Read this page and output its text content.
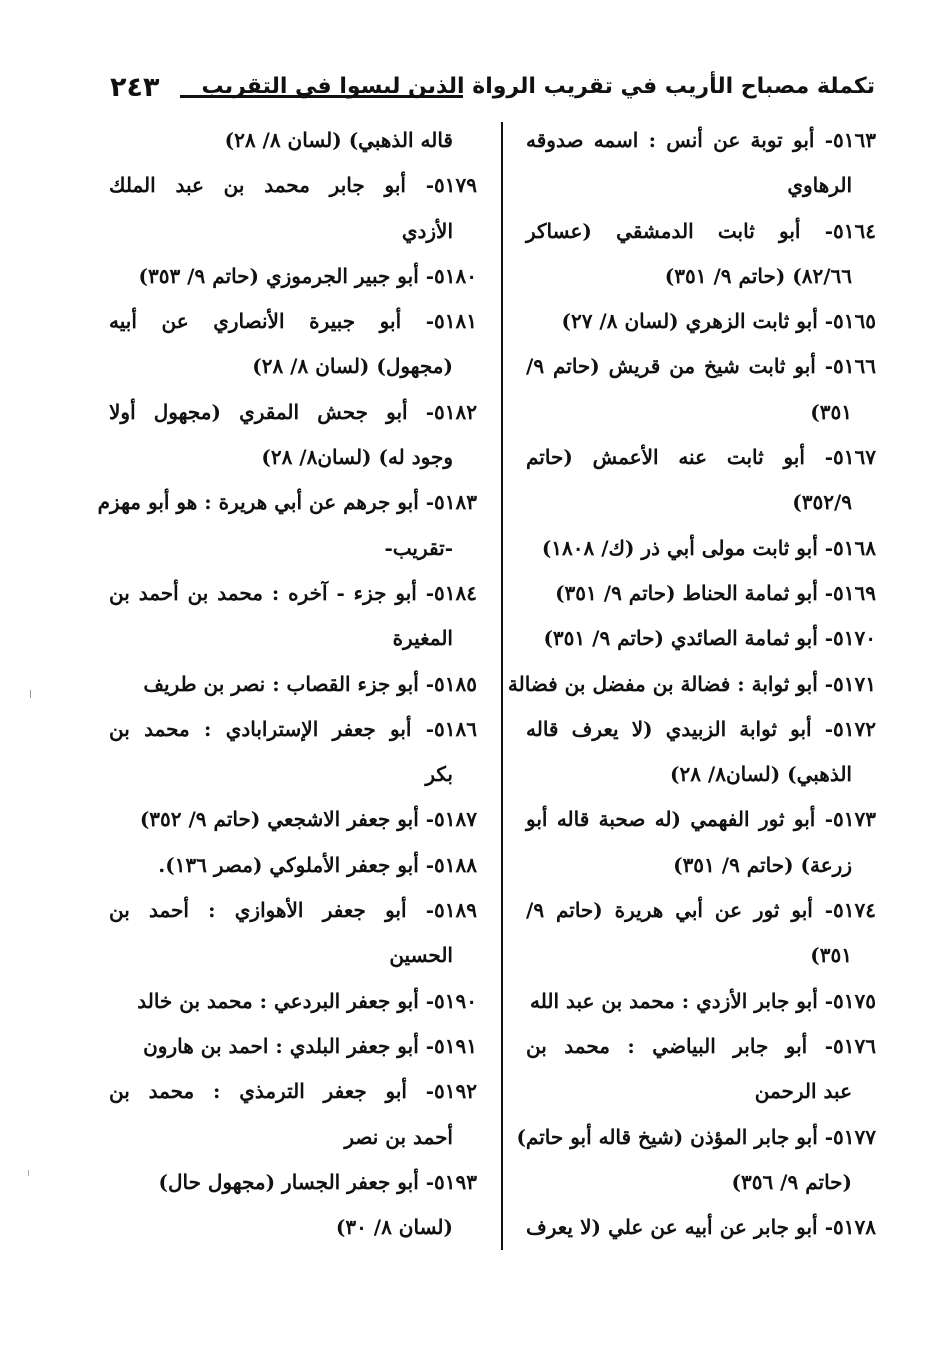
تكملة مصباح الأريب في تقريب الرواة الذين ليسوا في التقريب
٢٤٣
٥١٦٣- أبو توبة عن أنس : اسمه صدوقه
الرهاوي
٥١٦٤- أبو ثابت الدمشقي (عساكر
٨٢/٦٦) (حاتم ٩/ ٣٥١)
٥١٦٥- أبو ثابت الزهري (لسان ٨/ ٢٧)
٥١٦٦- أبو ثابت شيخ من قريش (حاتم ٩/
٣٥١)
٥١٦٧- أبو ثابت عنه الأعمش (حاتم
٣٥٢/٩)
٥١٦٨- أبو ثابت مولى أبي ذر (ك/ ١٨٠٨)
٥١٦٩- أبو ثمامة الحناط (حاتم ٩/ ٣٥١)
٥١٧٠- أبو ثمامة الصائدي (حاتم ٩/ ٣٥١)
٥١٧١- أبو ثوابة : فضالة بن مفضل بن فضالة
٥١٧٢- أبو ثوابة الزبيدي (لا يعرف قاله
الذهبي) (لسان٨/ ٢٨)
٥١٧٣- أبو ثور الفهمي (له صحبة قاله أبو
زرعة) (حاتم ٩/ ٣٥١)
٥١٧٤- أبو ثور عن أبي هريرة (حاتم ٩/
٣٥١)
٥١٧٥- أبو جابر الأزدي : محمد بن عبد الله
٥١٧٦- أبو جابر البياضي : محمد بن
عبد الرحمن
٥١٧٧- أبو جابر المؤذن (شيخ قاله أبو حاتم)
(حاتم ٩/ ٣٥٦)
٥١٧٨- أبو جابر عن أبيه عن علي (لا يعرف
قاله الذهبي) (لسان ٨/ ٢٨)
٥١٧٩- أبو جابر محمد بن عبد الملك
الأزدي
٥١٨٠- أبو جبير الجرموزي (حاتم ٩/ ٣٥٣)
٥١٨١- أبو جبيرة الأنصاري عن أبيه
(مجهول) (لسان ٨/ ٢٨)
٥١٨٢- أبو جحش المقري (مجهول أولا
وجود له) (لسان٨/ ٢٨)
٥١٨٣- أبو جرهم عن أبي هريرة : هو أبو مهزم
-تقريب-
٥١٨٤- أبو جزء - آخره : محمد بن أحمد بن
المغيرة
٥١٨٥- أبو جزء القصاب : نصر بن طريف
٥١٨٦- أبو جعفر الإسترابادي : محمد بن
بكر
٥١٨٧- أبو جعفر الاشجعي (حاتم ٩/ ٣٥٢)
٥١٨٨- أبو جعفر الأملوكي (مصر ١٣٦).
٥١٨٩- أبو جعفر الأهوازي : أحمد بن
الحسين
٥١٩٠- أبو جعفر البردعي : محمد بن خالد
٥١٩١- أبو جعفر البلدي : احمد بن هارون
٥١٩٢- أبو جعفر الترمذي : محمد بن
أحمد بن نصر
٥١٩٣- أبو جعفر الجسار (مجهول حال)
(لسان ٨/ ٣٠)
